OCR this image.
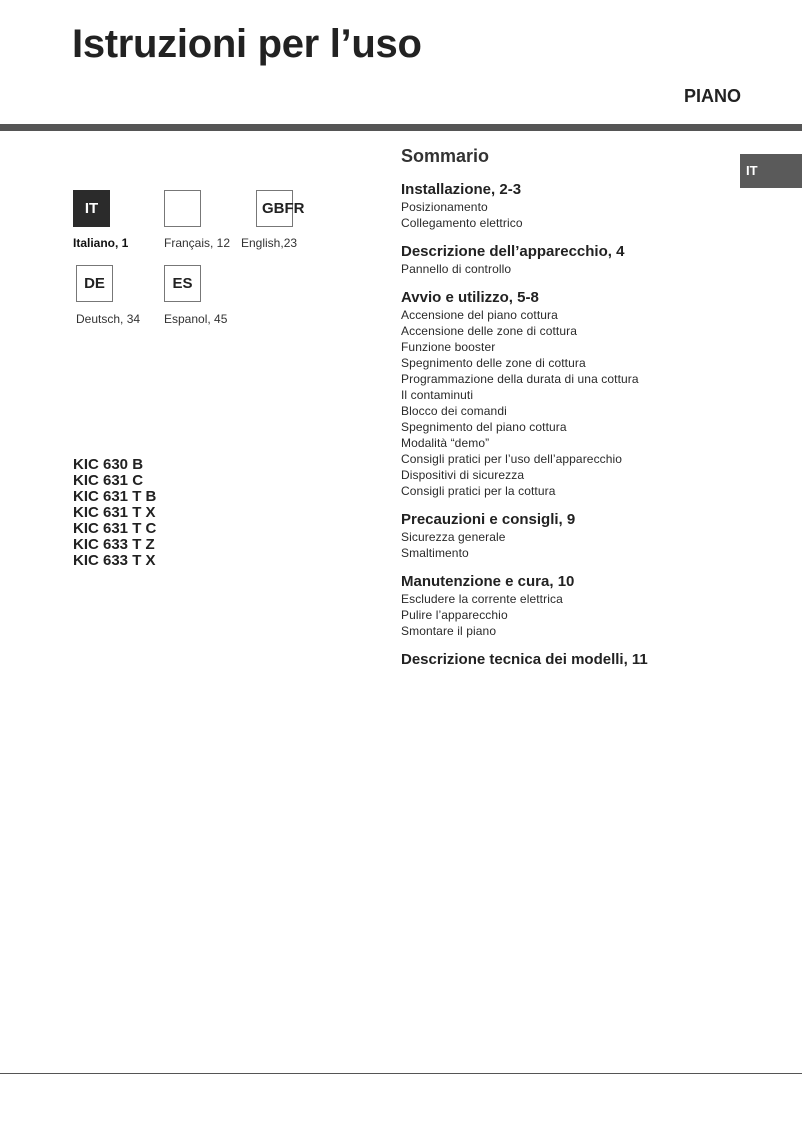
Istruzioni per l’uso
PIANO
IT
IT
Italiano, 1	Français, 12
GBFR
English,23
DE
Deutsch, 34
ES
Espanol, 45
KIC 630 B
KIC 631 C
KIC 631 T B
KIC 631 T X
KIC 631 T C
KIC 633 T Z
KIC 633 T X
Sommario
Installazione, 2-3
Posizionamento
Collegamento elettrico
Descrizione dell’apparecchio, 4
Pannello di controllo
Avvio e utilizzo, 5-8
Accensione del piano cottura
Accensione delle zone di cottura
Funzione booster
Spegnimento delle zone di cottura
Programmazione della durata di una cottura
Il contaminuti
Blocco dei comandi
Spegnimento del piano cottura
Modalità “demo”
Consigli pratici per l’uso dell’apparecchio
Dispositivi di sicurezza
Consigli pratici per la cottura
Precauzioni e consigli, 9
Sicurezza generale
Smaltimento
Manutenzione e cura, 10
Escludere la corrente elettrica
Pulire l’apparecchio
Smontare il piano
Descrizione tecnica dei modelli, 11
